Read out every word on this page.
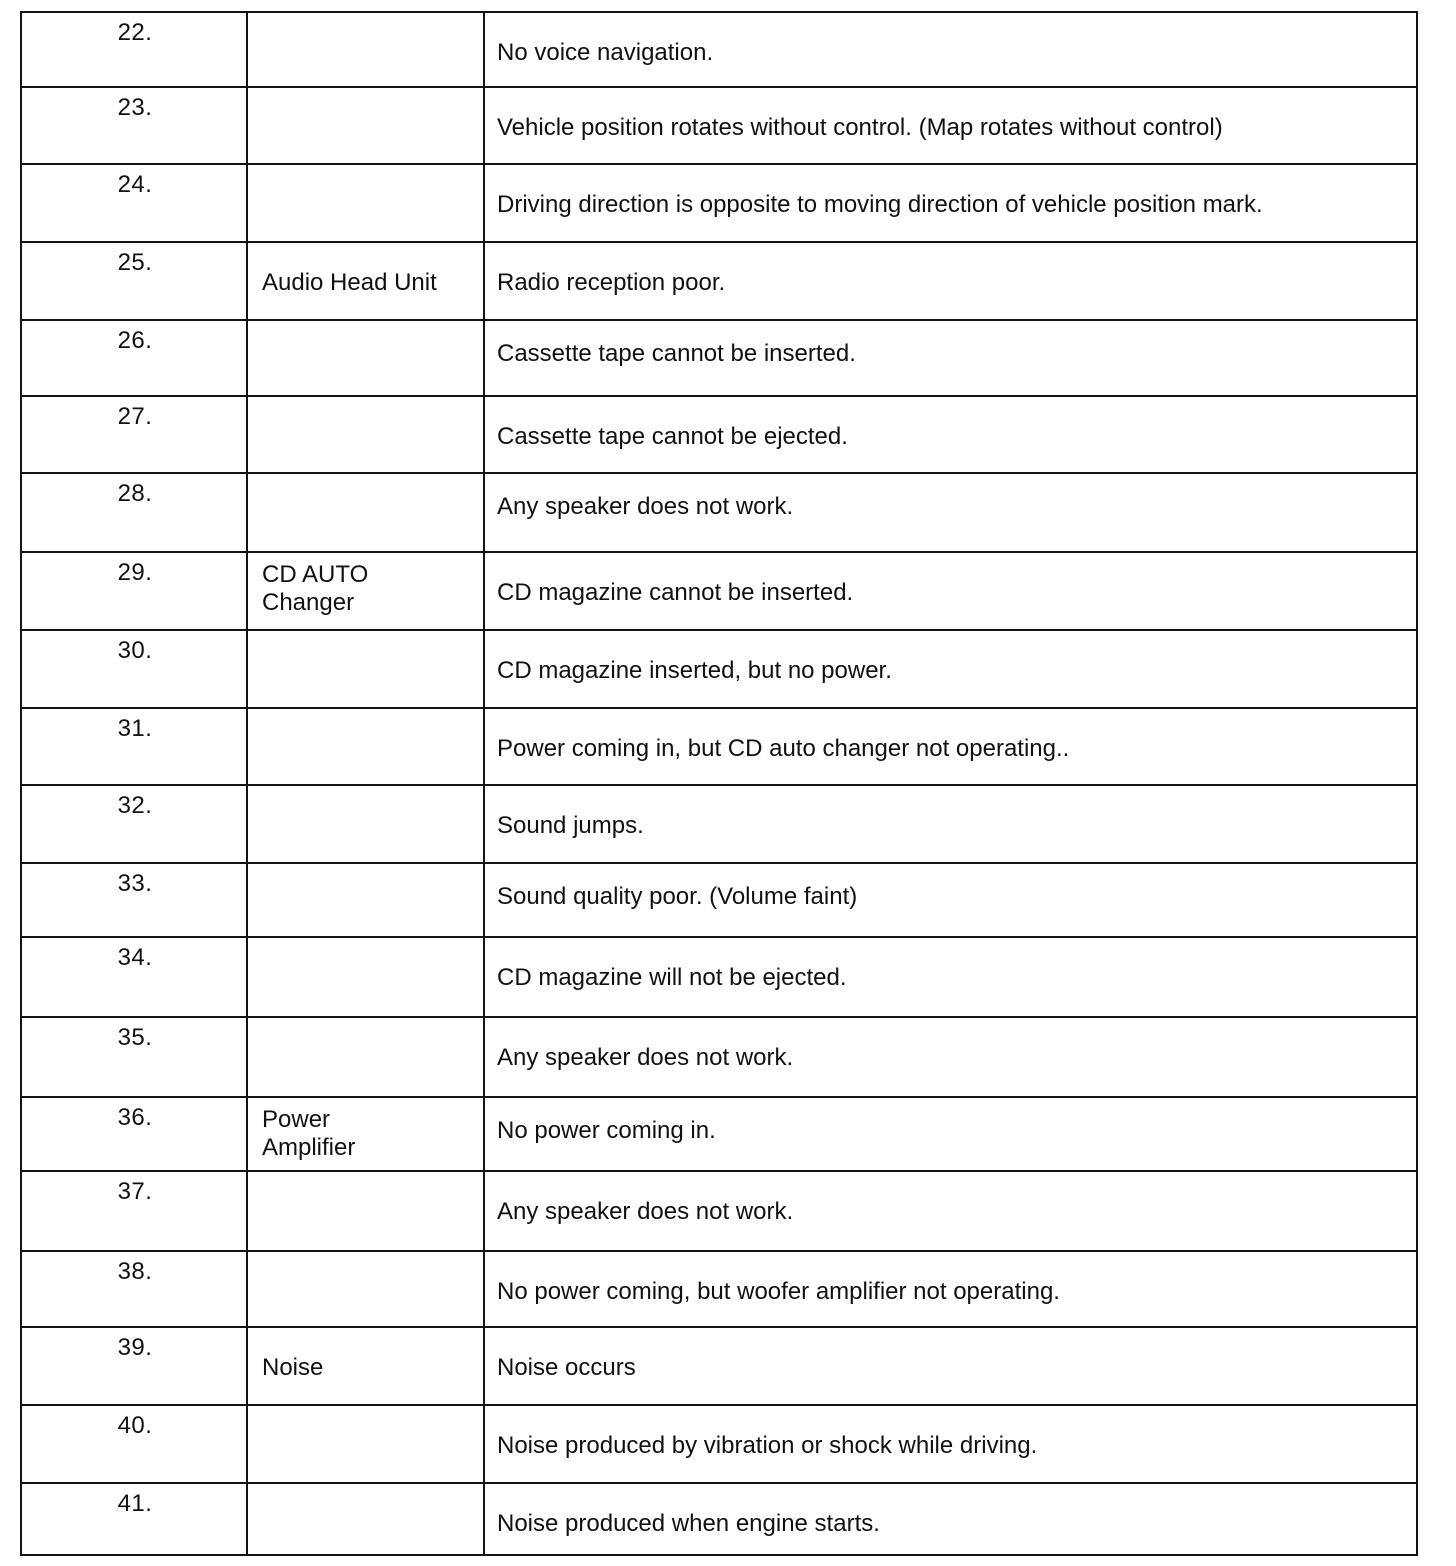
22.		No voice navigation.

23.		Vehicle position rotates without control. (Map rotates without control)

24.		Driving direction is opposite to moving direction of vehicle position mark.

25.	Audio Head Unit	Radio reception poor.

26.		Cassette tape cannot be inserted.

27.		Cassette tape cannot be ejected.

28.		Any speaker does not work.

29.	CD AUTO
Changer	CD magazine cannot be inserted.

30.		CD magazine inserted, but no power.

31.		Power coming in, but CD auto changer not operating..

32.		Sound jumps.

33.		Sound quality poor. (Volume faint)

34.		CD magazine will not be ejected.

35.		Any speaker does not work.

36.	Power
Amplifier	No power coming in.

37.		Any speaker does not work.

38.		No power coming, but woofer amplifier not operating.

39.	Noise	Noise occurs

40.		Noise produced by vibration or shock while driving.

41.		Noise produced when engine starts.
